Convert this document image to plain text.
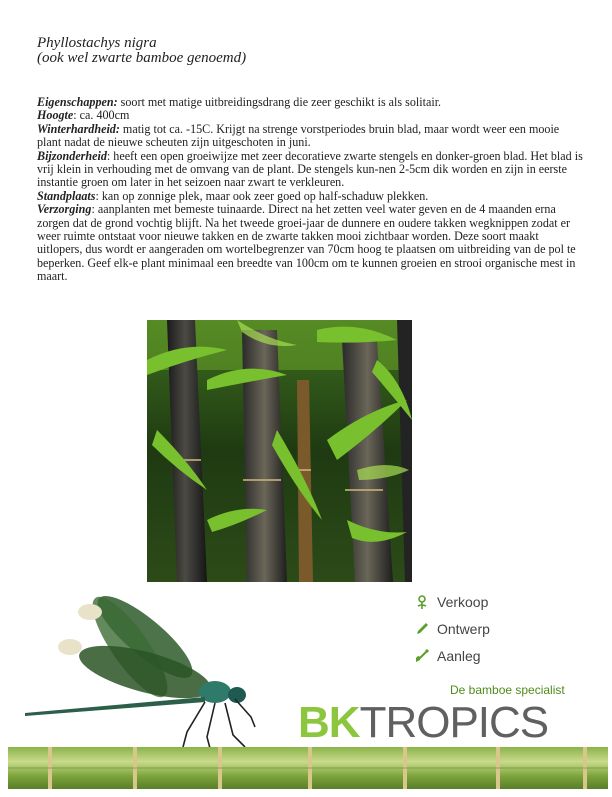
Phyllostachys nigra
(ook wel zwarte bamboe genoemd)

Eigenschappen: soort met matige uitbreidingsdrang die zeer geschikt is als solitair.

Hoogte: ca. 400cm

Winterhardheid: matig tot ca. -15C. Krijgt na strenge vorstperiodes bruin blad, maar wordt weer een mooie plant nadat de nieuwe scheuten zijn uitgeschoten in juni.

Bijzonderheid: heeft een open groeiwijze met zeer decoratieve zwarte stengels en donker-groen blad. Het blad is vrij klein in verhouding met de omvang van de plant. De stengels kun-nen 2-5cm dik worden en zijn in eerste instantie groen om later in het seizoen naar zwart te verkleuren.

Standplaats: kan op zonnige plek, maar ook zeer goed op half-schaduw plekken.

Verzorging: aanplanten met bemeste tuinaarde. Direct na het zetten veel water geven en de 4 maanden erna zorgen dat de grond vochtig blijft. Na het tweede groei-jaar de dunnere en oudere takken wegknippen zodat er weer ruimte ontstaat voor nieuwe takken en de zwarte takken mooi zichtbaar worden. Deze soort maakt uitlopers, dus wordt er aangeraden om wortelbegrenzer van 70cm hoog te plaatsen om uitbreiding van de pol te beperken. Geef elk-e plant minimaal een breedte van 100cm om te kunnen groeien en strooi organische mest in maart.

Verkoop
Ontwerp
Aanleg
De bamboe specialist
BKTROPICS
